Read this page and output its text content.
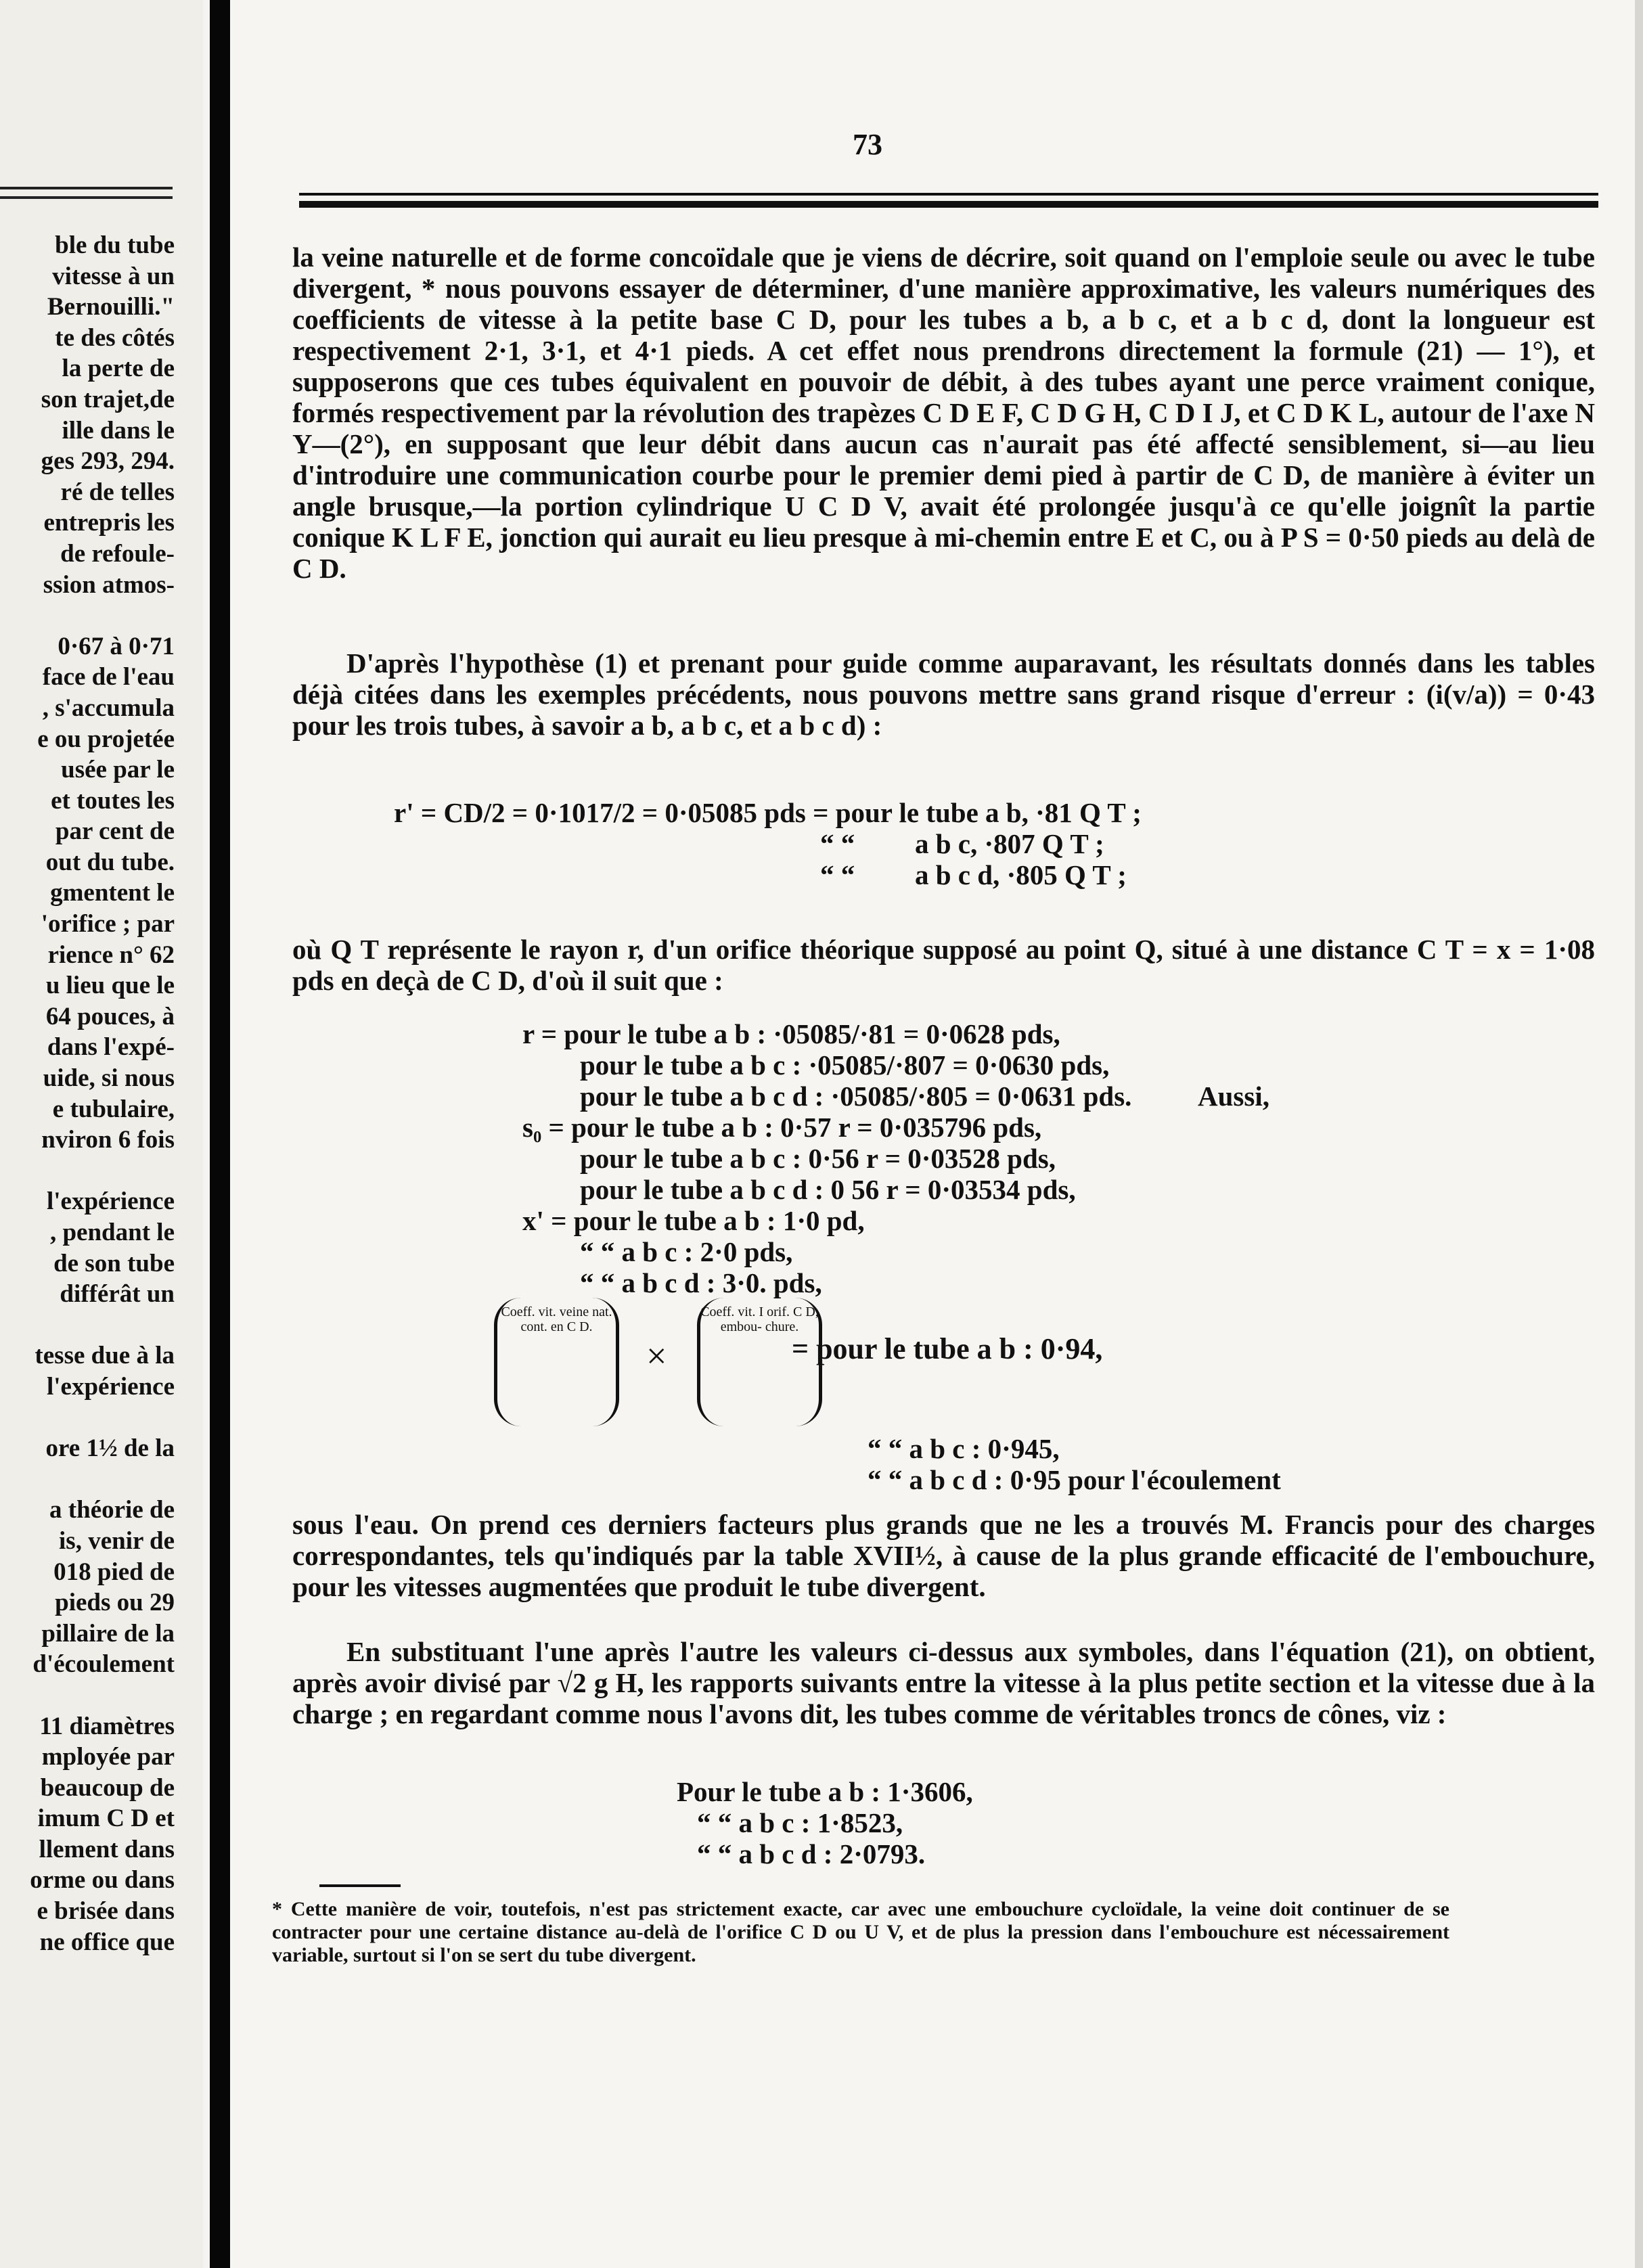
ble du tube
vitesse à un
Bernouilli."
te des côtés
la perte de
son trajet,de
ille dans le
ges 293, 294.
ré de telles
entrepris les
de refoule-
ssion atmos-

0·67 à 0·71
face de l'eau
, s'accumula
e ou projetée
usée par le
et toutes les
par cent de
out du tube.
gmentent le
'orifice ; par
rience n° 62
u lieu que le
64 pouces, à
dans l'expé-
uide, si nous
e tubulaire,
nviron 6 fois

l'expérience
, pendant le
de son tube
différât un

tesse due à la
l'expérience

ore 1½ de la

a théorie de
is, venir de
018 pied de
pieds ou 29
pillaire de la
d'écoulement

11 diamètres
mployée par
beaucoup de
imum C D et
llement dans
orme ou dans
e brisée dans
ne office que
73

la veine naturelle et de forme concoïdale que je viens de décrire, soit quand on l'emploie seule ou avec le tube divergent, * nous pouvons essayer de déterminer, d'une manière approximative, les valeurs numériques des coefficients de vitesse à la petite base C D, pour les tubes a b, a b c, et a b c d, dont la longueur est respectivement 2·1, 3·1, et 4·1 pieds. A cet effet nous prendrons directement la formule (21) — 1°), et supposerons que ces tubes équivalent en pouvoir de débit, à des tubes ayant une perce vraiment conique, formés respectivement par la révolution des trapèzes C D E F, C D G H, C D I J, et C D K L, autour de l'axe N Y—(2°), en supposant que leur débit dans aucun cas n'aurait pas été affecté sensiblement, si—au lieu d'introduire une communication courbe pour le premier demi pied à partir de C D, de manière à éviter un angle brusque,—la portion cylindrique U C D V, avait été prolongée jusqu'à ce qu'elle joignît la partie conique K L F E, jonction qui aurait eu lieu presque à mi-chemin entre E et C, ou à P S = 0·50 pieds au delà de C D.

D'après l'hypothèse (1) et prenant pour guide comme auparavant, les résultats donnés dans les tables déjà citées dans les exemples précédents, nous pouvons mettre sans grand risque d'erreur : (i(v/a)) = 0·43 pour les trois tubes, à savoir a b, a b c, et a b c d) :

r' = CD/2 = 0·1017/2 = 0·05085 pds = pour le tube a b, ·81 Q T ;
“ “ a b c, ·807 Q T ;
“ “ a b c d, ·805 Q T ;

où Q T représente le rayon r, d'un orifice théorique supposé au point Q, situé à une distance C T = x = 1·08 pds en deçà de C D, d'où il suit que :

r = pour le tube a b : ·05085/·81 = 0·0628 pds,
pour le tube a b c : ·05085/·807 = 0·0630 pds,
pour le tube a b c d : ·05085/·805 = 0·0631 pds.
s₀ = pour le tube a b : 0·57 r = 0·035796 pds,
pour le tube a b c : 0·56 r = 0·03528 pds,
pour le tube a b c d : 0 56 r = 0·03534 pds,
x' = pour le tube a b : 1·0 pd,
“ “ a b c : 2·0 pds,
“ “ a b c d : 3·0. pds,
Aussi,
Coeff. vit. veine nat. cont. en C D.
×
Coeff. vit. I orif. C D, embou- chure.
= pour le tube a b : 0·94,
“ “ a b c : 0·945,
“ “ a b c d : 0·95 pour l'écoulement

sous l'eau. On prend ces derniers facteurs plus grands que ne les a trouvés M. Francis pour des charges correspondantes, tels qu'indiqués par la table XVII½, à cause de la plus grande efficacité de l'embouchure, pour les vitesses augmentées que produit le tube divergent.

En substituant l'une après l'autre les valeurs ci-dessus aux symboles, dans l'équation (21), on obtient, après avoir divisé par √2 g H, les rapports suivants entre la vitesse à la plus petite section et la vitesse due à la charge ; en regardant comme nous l'avons dit, les tubes comme de véritables troncs de cônes, viz :

Pour le tube a b : 1·3606,
“ “ a b c : 1·8523,
“ “ a b c d : 2·0793.
* Cette manière de voir, toutefois, n'est pas strictement exacte, car avec une embouchure cycloïdale, la veine doit continuer de se contracter pour une certaine distance au-delà de l'orifice C D ou U V, et de plus la pression dans l'embouchure est nécessairement variable, surtout si l'on se sert du tube divergent.
